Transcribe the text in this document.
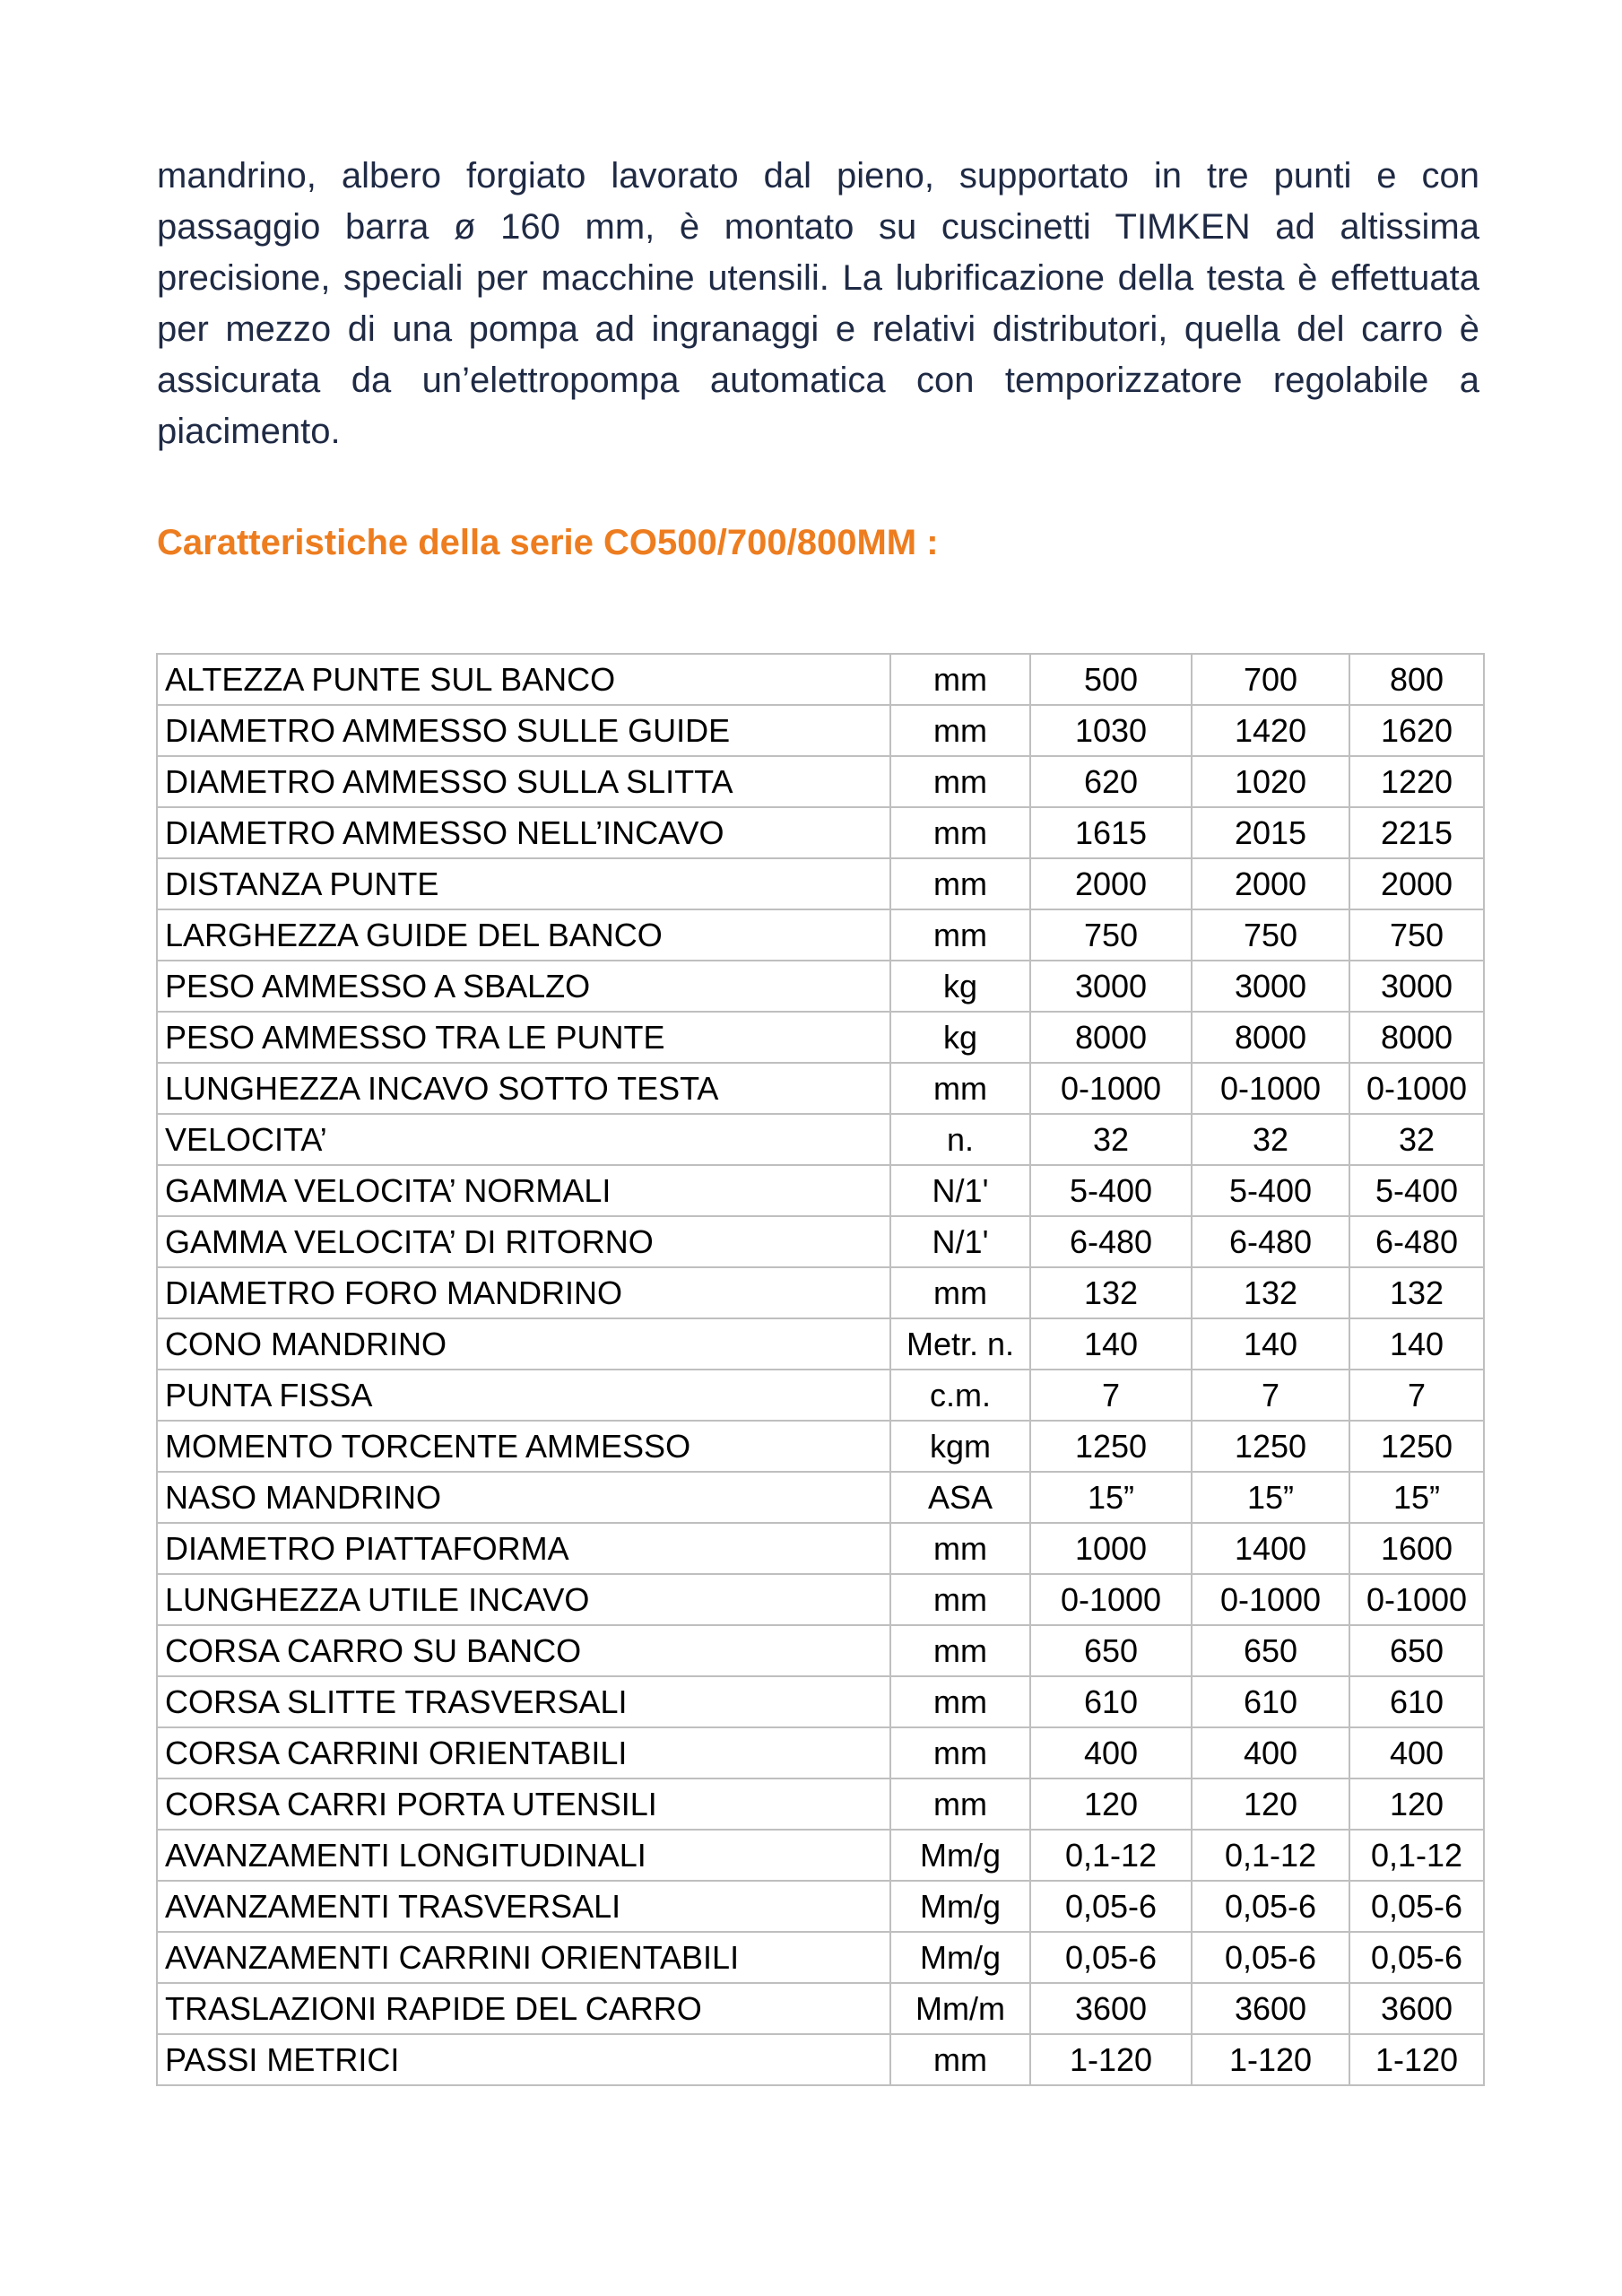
mandrino, albero forgiato lavorato dal pieno, supportato in tre punti e con passaggio barra ø 160 mm, è montato su cuscinetti TIMKEN ad altissima precisione, speciali per macchine utensili. La lubrificazione della testa è effettuata per mezzo di una pompa ad ingranaggi e relativi distributori, quella del carro è assicurata da un’elettropompa automatica con temporizzatore regolabile a piacimento.

Caratteristiche della serie CO500/700/800MM :
ALTEZZA PUNTE SUL BANCO	mm	500	700	800
DIAMETRO AMMESSO SULLE GUIDE	mm	1030	1420	1620
DIAMETRO AMMESSO SULLA SLITTA	mm	620	1020	1220
DIAMETRO AMMESSO NELL’INCAVO	mm	1615	2015	2215
DISTANZA PUNTE	mm	2000	2000	2000
LARGHEZZA GUIDE DEL BANCO	mm	750	750	750
PESO AMMESSO A SBALZO	kg	3000	3000	3000
PESO AMMESSO TRA LE PUNTE	kg	8000	8000	8000
LUNGHEZZA INCAVO SOTTO TESTA	mm	0-1000	0-1000	0-1000
VELOCITA’	n.	32	32	32
GAMMA VELOCITA’ NORMALI	N/1'	5-400	5-400	5-400
GAMMA VELOCITA’ DI RITORNO	N/1'	6-480	6-480	6-480
DIAMETRO FORO MANDRINO	mm	132	132	132
CONO MANDRINO	Metr. n.	140	140	140
PUNTA FISSA	c.m.	7	7	7
MOMENTO TORCENTE AMMESSO	kgm	1250	1250	1250
NASO MANDRINO	ASA	15”	15”	15”
DIAMETRO PIATTAFORMA	mm	1000	1400	1600
LUNGHEZZA UTILE INCAVO	mm	0-1000	0-1000	0-1000
CORSA CARRO SU BANCO	mm	650	650	650
CORSA SLITTE TRASVERSALI	mm	610	610	610
CORSA CARRINI ORIENTABILI	mm	400	400	400
CORSA CARRI PORTA UTENSILI	mm	120	120	120
AVANZAMENTI LONGITUDINALI	Mm/g	0,1-12	0,1-12	0,1-12
AVANZAMENTI TRASVERSALI	Mm/g	0,05-6	0,05-6	0,05-6
AVANZAMENTI CARRINI ORIENTABILI	Mm/g	0,05-6	0,05-6	0,05-6
TRASLAZIONI RAPIDE DEL CARRO	Mm/m	3600	3600	3600
PASSI METRICI	mm	1-120	1-120	1-120
